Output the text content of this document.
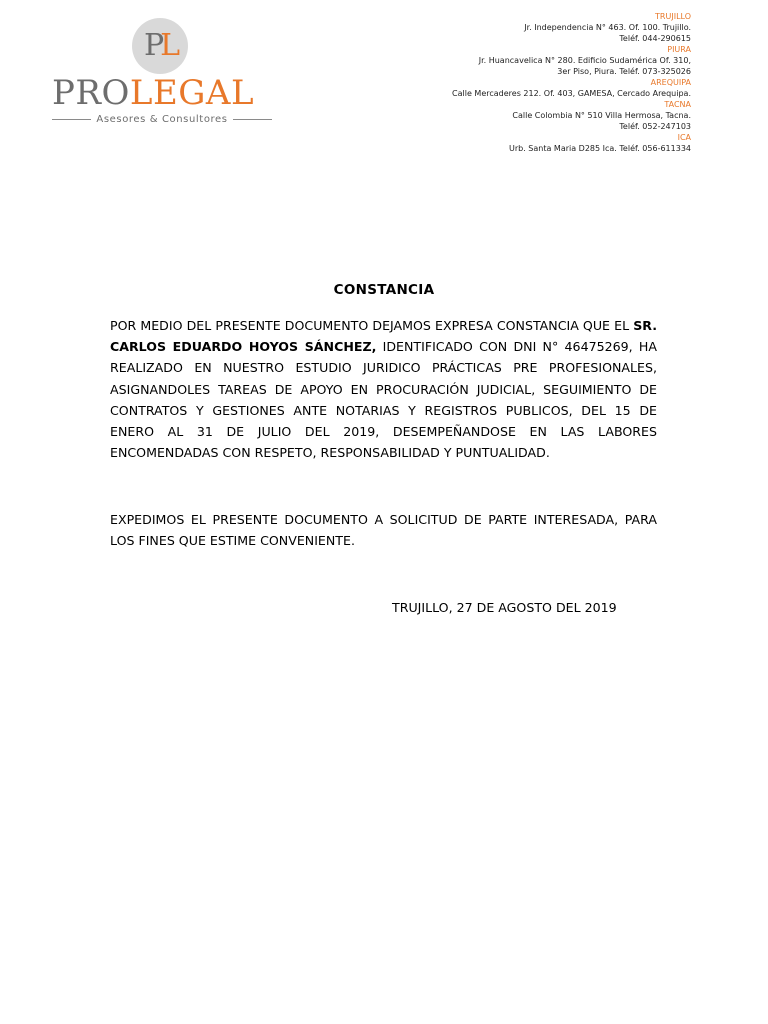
PL
PROLEGAL
Asesores & Consultores
TRUJILLO
Jr. Independencia N° 463. Of. 100. Trujillo.
Teléf. 044-290615
PIURA
Jr. Huancavelica N° 280. Edificio Sudamérica Of. 310,
3er Piso, Piura. Teléf. 073-325026
AREQUIPA
Calle Mercaderes 212. Of. 403, GAMESA, Cercado Arequipa.
TACNA
Calle Colombia N° 510 Villa Hermosa, Tacna.
Teléf. 052-247103
ICA
Urb. Santa Maria D285 Ica. Teléf. 056-611334
CONSTANCIA
POR MEDIO DEL PRESENTE DOCUMENTO DEJAMOS EXPRESA CONSTANCIA QUE EL SR. CARLOS EDUARDO HOYOS SÁNCHEZ, IDENTIFICADO CON DNI N° 46475269, HA REALIZADO EN NUESTRO ESTUDIO JURIDICO PRÁCTICAS PRE PROFESIONALES, ASIGNANDOLES TAREAS DE APOYO EN PROCURACIÓN JUDICIAL, SEGUIMIENTO DE CONTRATOS Y GESTIONES ANTE NOTARIAS Y REGISTROS PUBLICOS, DEL 15 DE ENERO AL 31 DE JULIO DEL 2019, DESEMPEÑANDOSE EN LAS LABORES ENCOMENDADAS CON RESPETO, RESPONSABILIDAD Y PUNTUALIDAD.
EXPEDIMOS EL PRESENTE DOCUMENTO A SOLICITUD DE PARTE INTERESADA, PARA LOS FINES QUE ESTIME CONVENIENTE.
TRUJILLO, 27 DE AGOSTO DEL 2019
